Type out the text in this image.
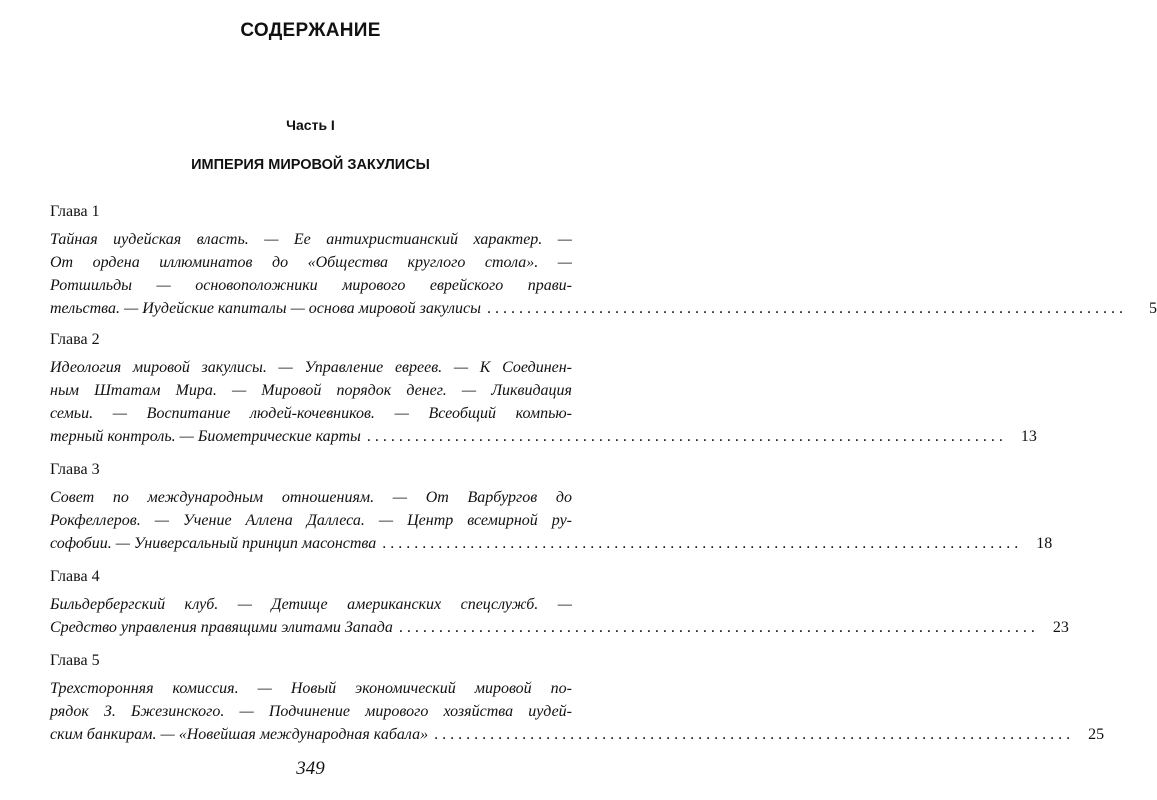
СОДЕРЖАНИЕ
Часть I
ИМПЕРИЯ МИРОВОЙ ЗАКУЛИСЫ
Глава 1
Тайная иудейская власть. — Ее антихристианский характер. —
От ордена иллюминатов до «Общества круглого стола». —
Ротшильды — основоположники мирового еврейского прави-
тельства. — Иудейские капиталы — основа мировой закулисы ................................................................................	5
Глава 2
Идеология мировой закулисы. — Управление евреев. — К Соединен-
ным Штатам Мира. — Мировой порядок денег. — Ликвидация
семьи. — Воспитание людей-кочевников. — Всеобщий компью-
терный контроль. — Биометрические карты ................................................................................ 13
Глава 3
Совет по международным отношениям. — От Варбургов до
Рокфеллеров. — Учение Аллена Даллеса. — Центр всемирной ру-
софобии. — Универсальный принцип масонства ................................................................................ 18
Глава 4
Бильдербергский клуб. — Детище американских спецслужб. —
Средство управления правящими элитами Запада ................................................................................ 23
Глава 5
Трехсторонняя комиссия. — Новый экономический мировой по-
рядок З. Бжезинского. — Подчинение мирового хозяйства иудей-
ским банкирам. — «Новейшая международная кабала» ................................................................................ 25
349
